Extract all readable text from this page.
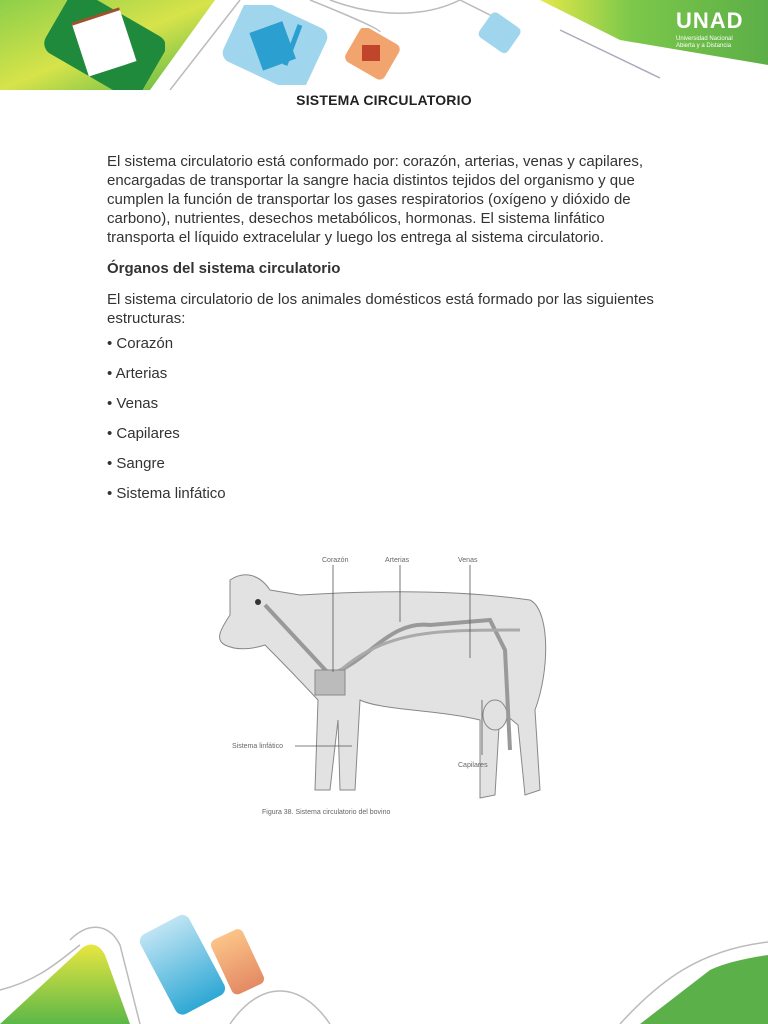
UNAD
Universidad Nacional
Abierta y a Distancia
SISTEMA CIRCULATORIO
El sistema circulatorio está conformado por: corazón, arterias, venas y capilares, encargadas de transportar la sangre hacia distintos tejidos del organismo y que cumplen la función de transportar los gases respiratorios (oxígeno y dióxido de carbono), nutrientes, desechos metabólicos, hormonas. El sistema linfático transporta el líquido extracelular y luego los entrega al sistema circulatorio.
Órganos del sistema circulatorio
El sistema circulatorio de los animales domésticos está formado por las siguientes estructuras:
• Corazón
• Arterias
• Venas
• Capilares
• Sangre
• Sistema linfático
Corazón	Arterias	Venas
Sistema linfático
Capilares
Figura 38. Sistema circulatorio del bovino
